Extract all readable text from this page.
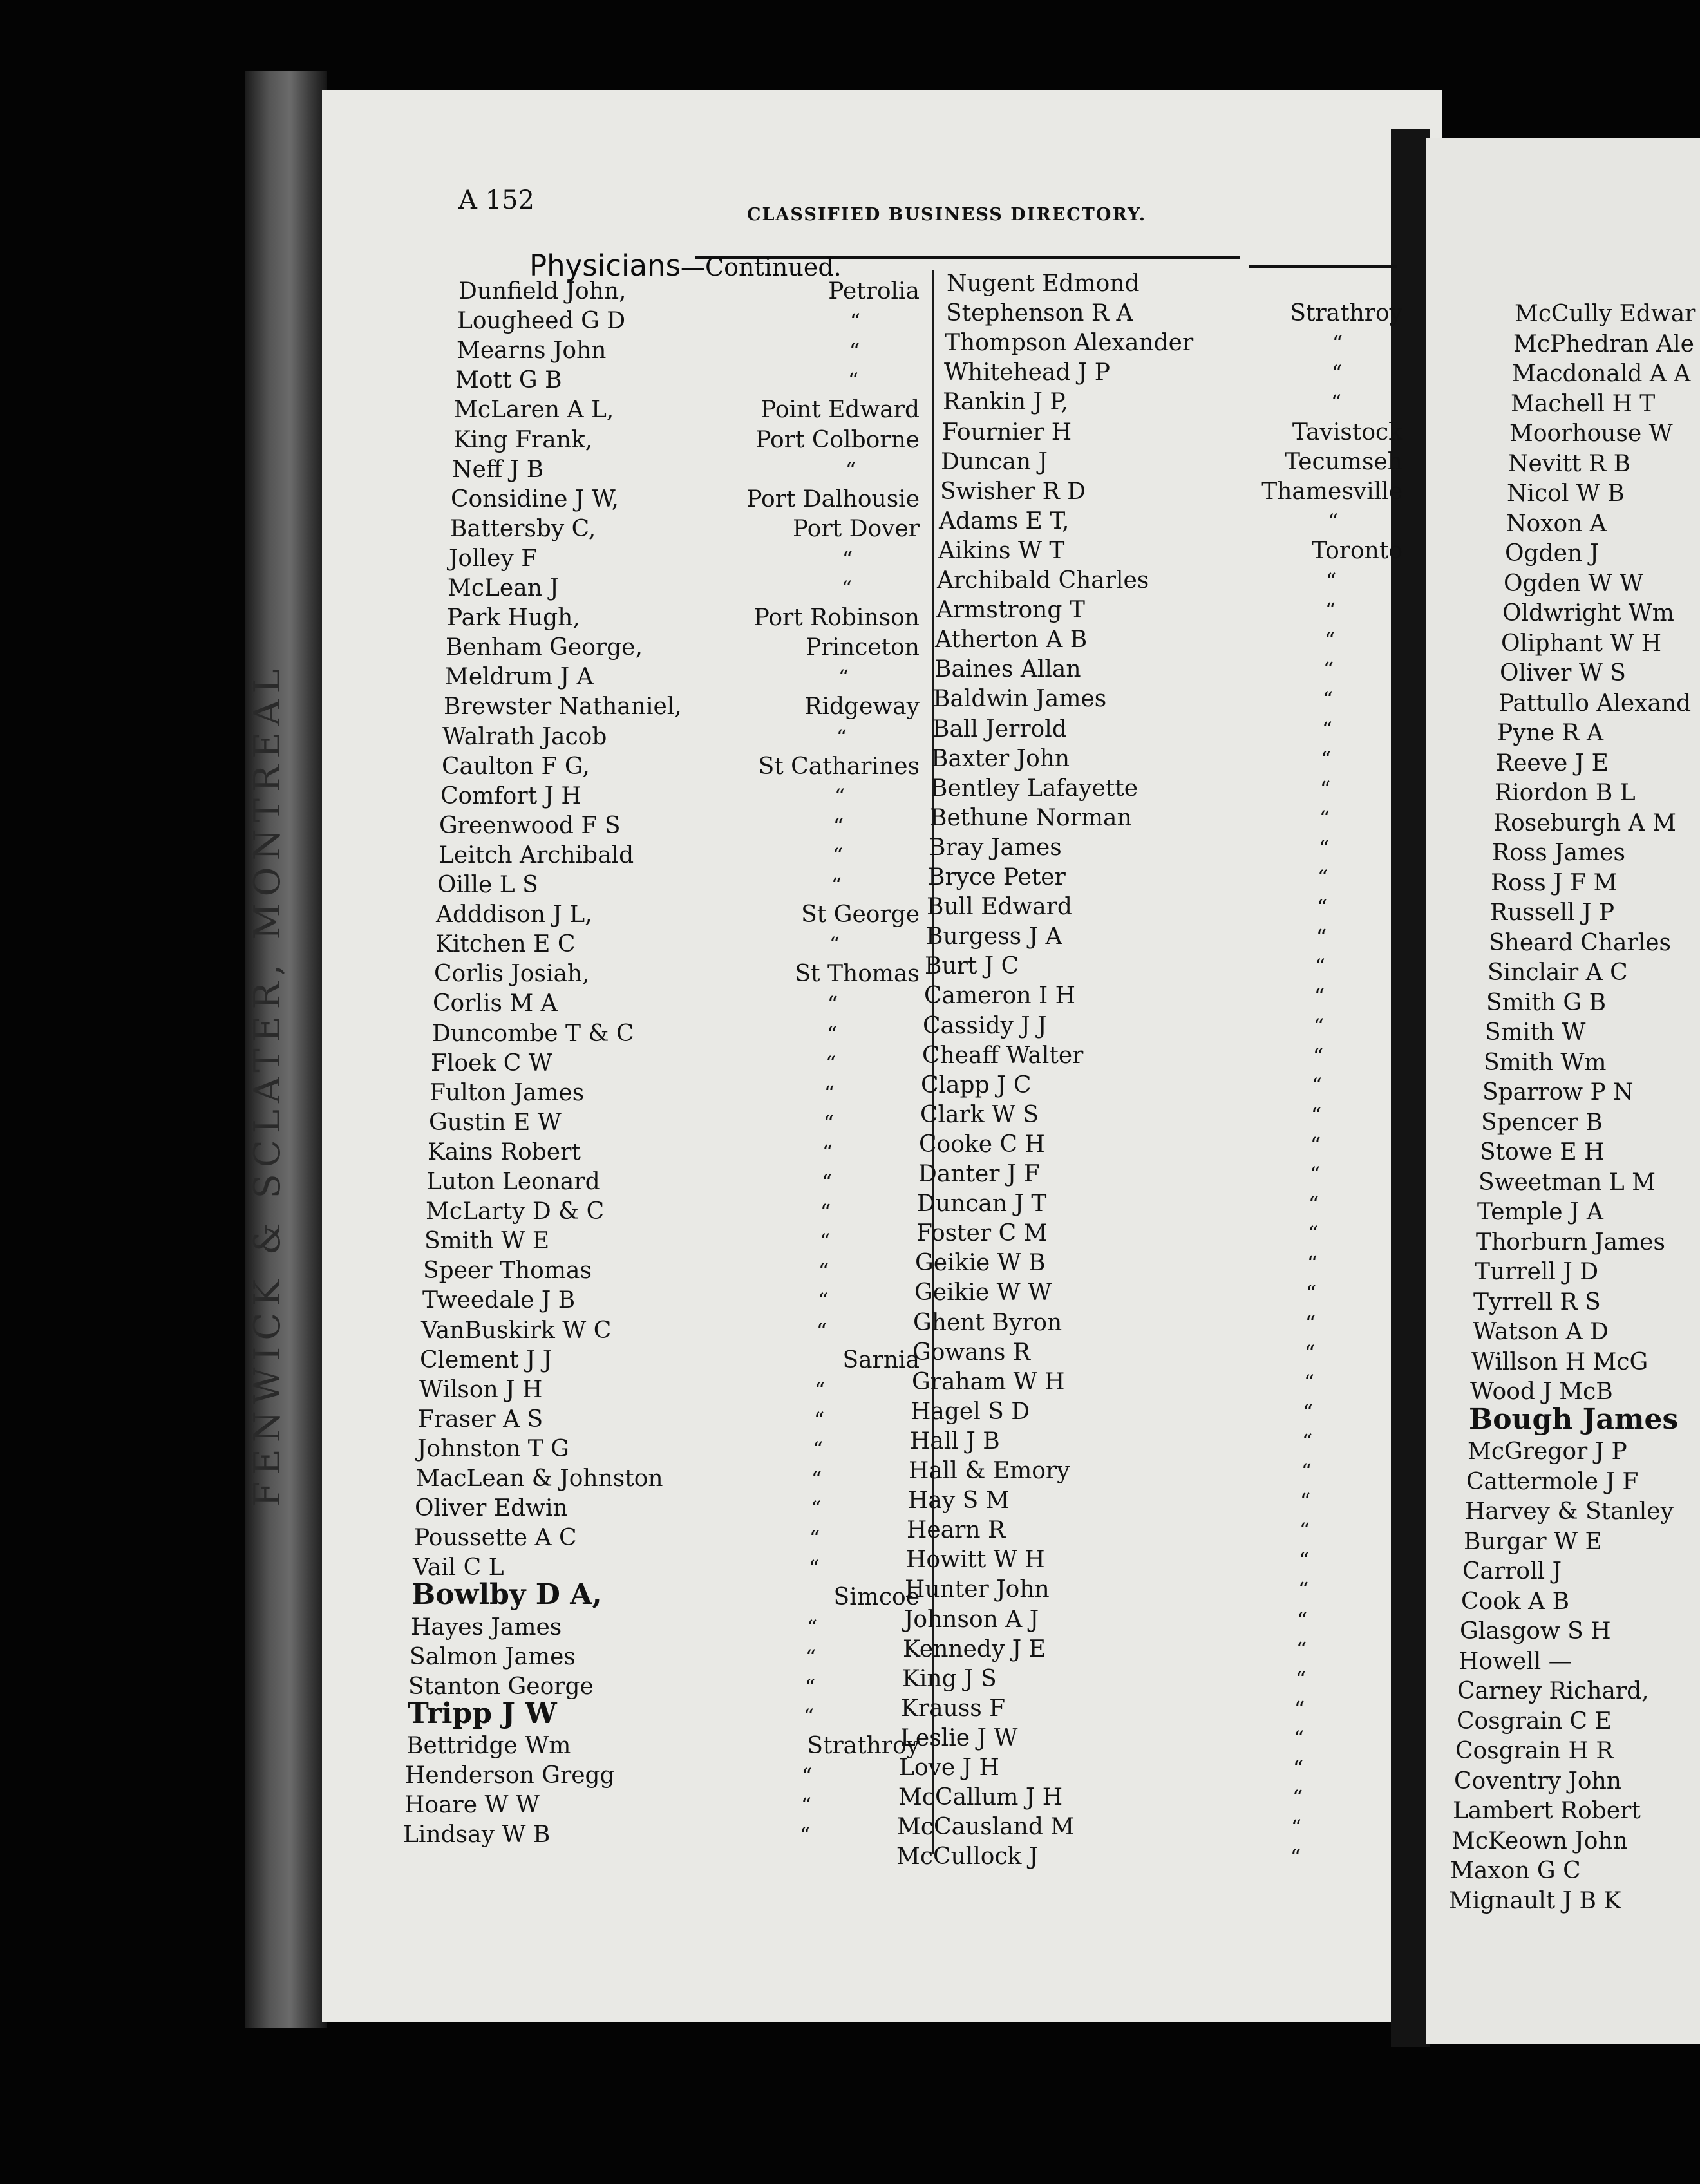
FENWICK & SCLATER, MONTREAL
A 152	CLASSIFIED BUSINESS DIRECTORY.
Physicians—Continued.
Dunfield John,	Petrolia
Lougheed G D	“
Mearns John	“
Mott G B	“
McLaren A L,	Point Edward
King Frank,	Port Colborne
Neff J B	“
Considine J W,	Port Dalhousie
Battersby C,	Port Dover
Jolley F	“
McLean J	“
Park Hugh,	Port Robinson
Benham George,	Princeton
Meldrum J A	“
Brewster Nathaniel,	Ridgeway
Walrath Jacob	“
Caulton F G,	St Catharines
Comfort J H	“
Greenwood F S	“
Leitch Archibald	“
Oille L S	“
Adddison J L,	St George
Kitchen E C	“
Corlis Josiah,	St Thomas
Corlis M A	“
Duncombe T & C	“
Floek C W	“
Fulton James	“
Gustin E W	“
Kains Robert	“
Luton Leonard	“
McLarty D & C	“
Smith W E	“
Speer Thomas	“
Tweedale J B	“
VanBuskirk W C	“
Clement J J	Sarnia
Wilson J H	“
Fraser A S	“
Johnston T G	“
MacLean & Johnston	“
Oliver Edwin	“
Poussette A C	“
Vail C L	“
Bowlby D A,	Simcoe
Hayes James	“
Salmon James	“
Stanton George	“
Tripp J W	“
Bettridge Wm	Strathroy
Henderson Gregg	“
Hoare W W	“
Lindsay W B	“
Nugent Edmond
Stephenson R A	Strathroy
Thompson Alexander	“
Whitehead J P	“
Rankin J P,	“
Fournier H	Tavistock
Duncan J	Tecumseh
Swisher R D	Thamesville
Adams E T,	“
Aikins W T	Toronto
Archibald Charles	“
Armstrong T	“
Atherton A B	“
Baines Allan	“
Baldwin James	“
Ball Jerrold	“
Baxter John	“
Bentley Lafayette	“
Bethune Norman	“
Bray James	“
Bryce Peter	“
Bull Edward	“
Burgess J A	“
Burt J C	“
Cameron I H	“
Cassidy J J	“
Cheaff Walter	“
Clapp J C	“
Clark W S	“
Cooke C H	“
Danter J F	“
Duncan J T	“
Foster C M	“
Geikie W B	“
Geikie W W	“
Ghent Byron	“
Gowans R	“
Graham W H	“
Hagel S D	“
Hall J B	“
Hall & Emory	“
Hay S M	“
Hearn R	“
Howitt W H	“
Hunter John	“
Johnson A J	“
Kennedy J E	“
King J S	“
Krauss F	“
Leslie J W	“
Love J H	“
McCallum J H	“
McCausland M	“
McCullock J	“
McCully Edwar
McPhedran Ale
Macdonald A A
Machell H T
Moorhouse W
Nevitt R B
Nicol W B
Noxon A
Ogden J
Ogden W W
Oldwright Wm
Oliphant W H
Oliver W S
Pattullo Alexand
Pyne R A
Reeve J E
Riordon B L
Roseburgh A M
Ross James
Ross J F M
Russell J P
Sheard Charles
Sinclair A C
Smith G B
Smith W
Smith Wm
Sparrow P N
Spencer B
Stowe E H
Sweetman L M
Temple J A
Thorburn James
Turrell J D
Tyrrell R S
Watson A D
Willson H McG
Wood J McB
Bough James
McGregor J P
Cattermole J F
Harvey & Stanley
Burgar W E
Carroll J
Cook A B
Glasgow S H
Howell —
Carney Richard,
Cosgrain C E
Cosgrain H R
Coventry John
Lambert Robert
McKeown John
Maxon G C
Mignault J B K
